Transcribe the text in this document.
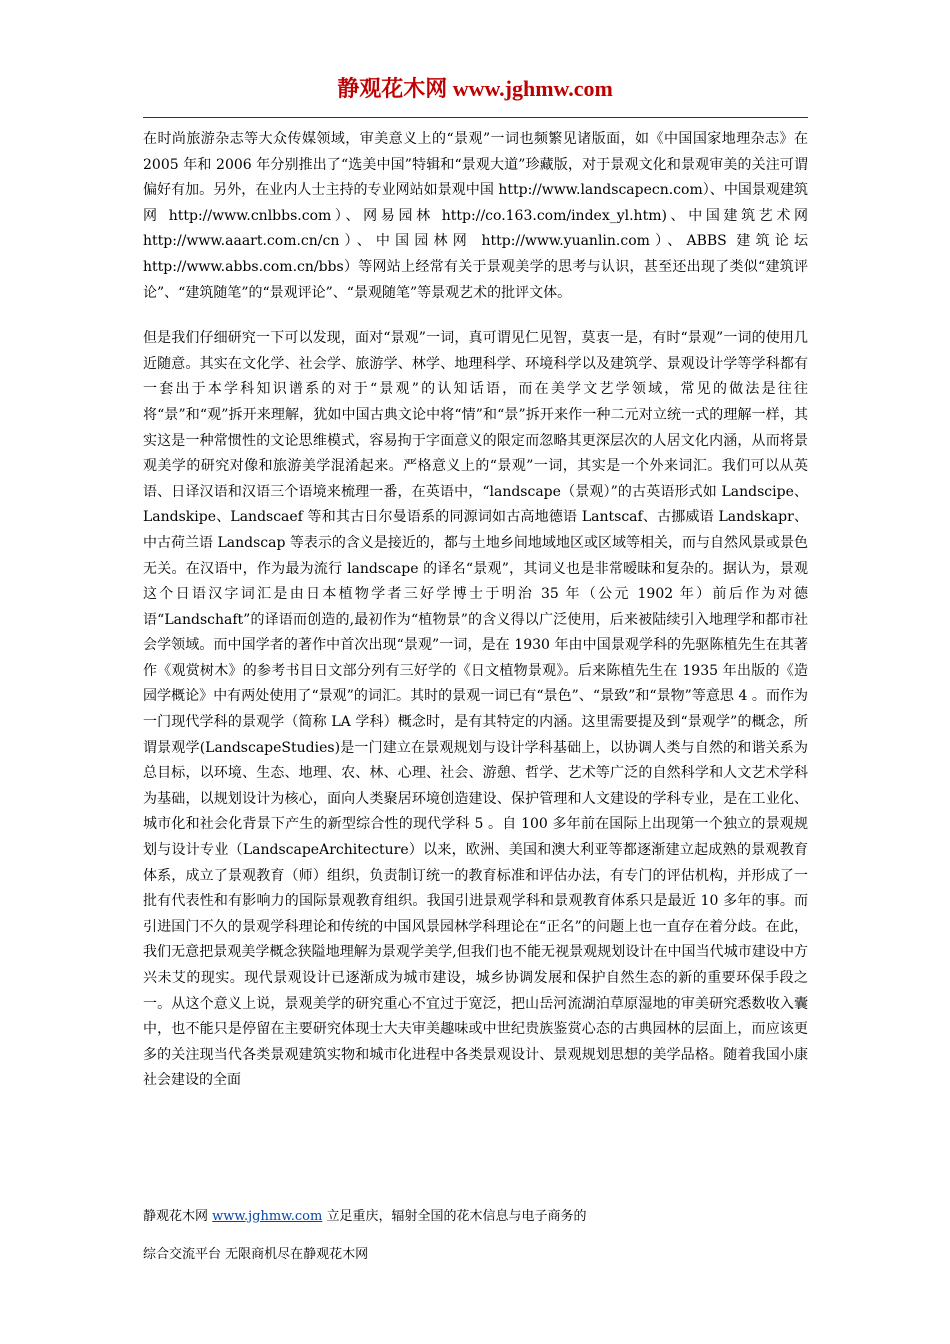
静观花木网 www.jghmw.com

在时尚旅游杂志等大众传媒领域，审美意义上的“景观”一词也频繁见诸版面，如《中国国家地理杂志》在 2005 年和 2006 年分别推出了“选美中国”特辑和“景观大道”珍藏版，对于景观文化和景观审美的关注可谓偏好有加。另外，在业内人士主持的专业网站如景观中国 http://www.landscapecn.com）、中国景观建筑网 http://www.cnlbbs.com）、网易园林 http://co.163.com/index_yl.htm)、中国建筑艺术网 http://www.aaart.com.cn/cn）、中国园林网 http://www.yuanlin.com）、ABBS 建筑论坛 http://www.abbs.com.cn/bbs）等网站上经常有关于景观美学的思考与认识，甚至还出现了类似“建筑评论”、“建筑随笔”的“景观评论”、“景观随笔”等景观艺术的批评文体。

但是我们仔细研究一下可以发现，面对“景观”一词，真可谓见仁见智，莫衷一是，有时“景观”一词的使用几近随意。其实在文化学、社会学、旅游学、林学、地理科学、环境科学以及建筑学、景观设计学等学科都有一套出于本学科知识谱系的对于“景观”的认知话语，而在美学文艺学领域，常见的做法是往往将“景”和“观”拆开来理解，犹如中国古典文论中将“情”和“景”拆开来作一种二元对立统一式的理解一样，其实这是一种常惯性的文论思维模式，容易拘于字面意义的限定而忽略其更深层次的人居文化内涵，从而将景观美学的研究对像和旅游美学混淆起来。严格意义上的“景观”一词，其实是一个外来词汇。我们可以从英语、日译汉语和汉语三个语境来梳理一番，在英语中，“landscape（景观）”的古英语形式如 Landscipe、Landskipe、Landscaef 等和其古日尔曼语系的同源词如古高地德语 Lantscaf、古挪威语 Landskapr、中古荷兰语 Landscap 等表示的含义是接近的，都与土地乡间地域地区或区域等相关，而与自然风景或景色无关。在汉语中，作为最为流行 landscape 的译名“景观”，其词义也是非常暧昧和复杂的。据认为，景观这个日语汉字词汇是由日本植物学者三好学博士于明治 35 年（公元 1902 年）前后作为对德语“Landschaft”的译语而创造的,最初作为“植物景”的含义得以广泛使用，后来被陆续引入地理学和都市社会学领域。而中国学者的著作中首次出现“景观”一词，是在 1930 年由中国景观学科的先驱陈植先生在其著作《观赏树木》的参考书目日文部分列有三好学的《日文植物景观》。后来陈植先生在 1935 年出版的《造园学概论》中有两处使用了“景观”的词汇。其时的景观一词已有“景色”、“景致”和“景物”等意思 4 。而作为一门现代学科的景观学（简称 LA 学科）概念时，是有其特定的内涵。这里需要提及到“景观学”的概念，所谓景观学(LandscapeStudies)是一门建立在景观规划与设计学科基础上，以协调人类与自然的和谐关系为总目标，以环境、生态、地理、农、林、心理、社会、游憩、哲学、艺术等广泛的自然科学和人文艺术学科为基础，以规划设计为核心，面向人类聚居环境创造建设、保护管理和人文建设的学科专业，是在工业化、城市化和社会化背景下产生的新型综合性的现代学科 5 。自 100 多年前在国际上出现第一个独立的景观规划与设计专业（LandscapeArchitecture）以来，欧洲、美国和澳大利亚等都逐渐建立起成熟的景观教育体系，成立了景观教育（师）组织，负责制订统一的教育标准和评估办法，有专门的评估机构，并形成了一批有代表性和有影响力的国际景观教育组织。我国引进景观学科和景观教育体系只是最近 10 多年的事。而引进国门不久的景观学科理论和传统的中国风景园林学科理论在“正名”的问题上也一直存在着分歧。在此，我们无意把景观美学概念狭隘地理解为景观学美学,但我们也不能无视景观规划设计在中国当代城市建设中方兴未艾的现实。现代景观设计已逐渐成为城市建设，城乡协调发展和保护自然生态的新的重要环保手段之一。从这个意义上说，景观美学的研究重心不宜过于宽泛，把山岳河流湖泊草原湿地的审美研究悉数收入囊中，也不能只是停留在主要研究体现士大夫审美趣味或中世纪贵族鉴赏心态的古典园林的层面上，而应该更多的关注现当代各类景观建筑实物和城市化进程中各类景观设计、景观规划思想的美学品格。随着我国小康社会建设的全面

静观花木网 www.jghmw.com 立足重庆，辐射全国的花木信息与电子商务的
综合交流平台 无限商机尽在静观花木网
